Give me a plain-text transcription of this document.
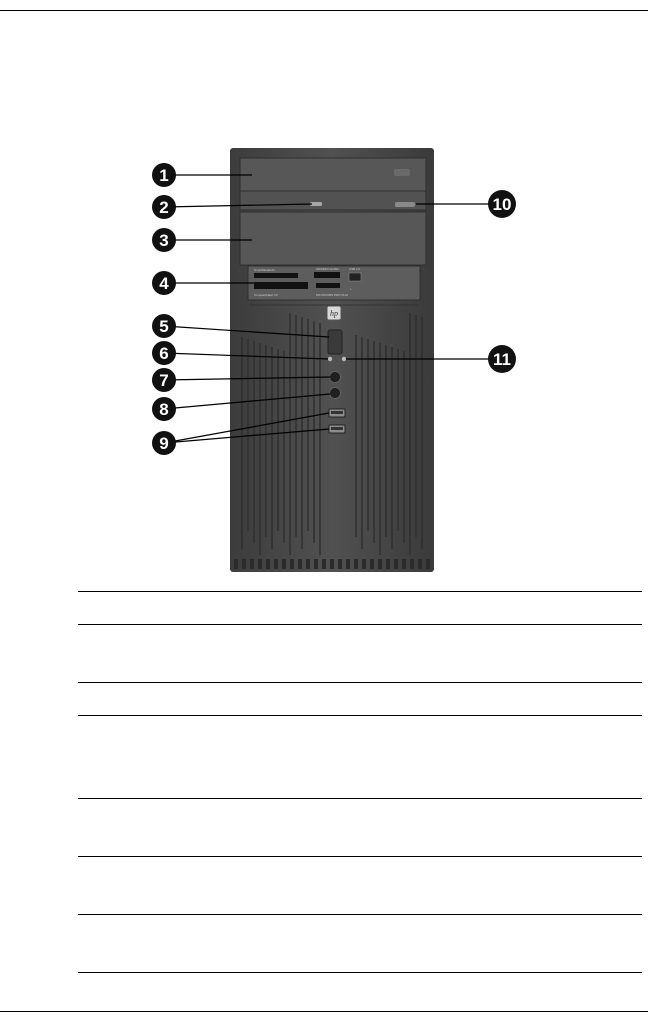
SmartMedia/xD	SD/MMC/miniSD
CompactFlash I/II	MS PRO/MS PRO DUO
USB 2.0
⇠
hp
1
2
3
4
5
6
7
8
9
10
11
